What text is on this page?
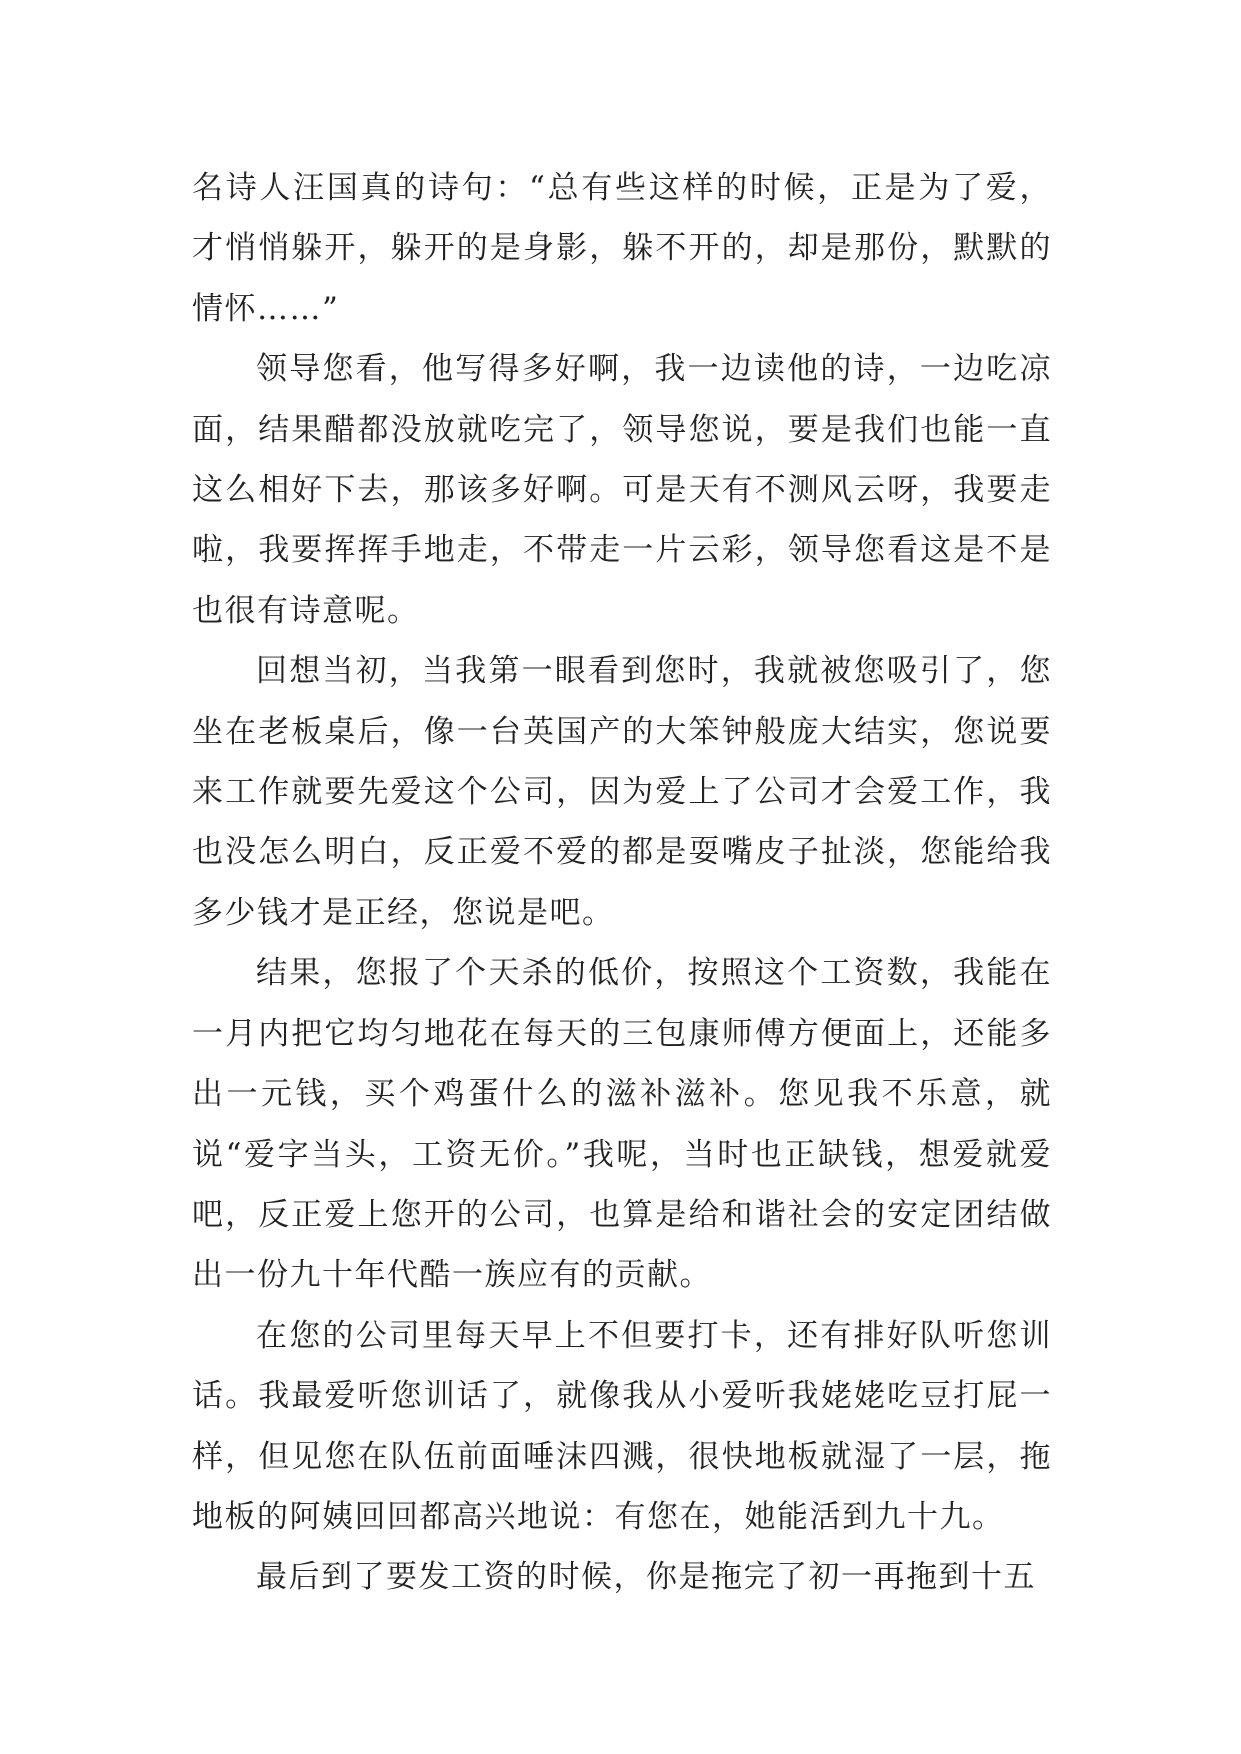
名诗人汪国真的诗句：“总有些这样的时候，正是为了爱，才悄悄躲开，躲开的是身影，躲不开的，却是那份，默默的情怀……”

领导您看，他写得多好啊，我一边读他的诗，一边吃凉面，结果醋都没放就吃完了，领导您说，要是我们也能一直这么相好下去，那该多好啊。可是天有不测风云呀，我要走啦，我要挥挥手地走，不带走一片云彩，领导您看这是不是也很有诗意呢。

回想当初，当我第一眼看到您时，我就被您吸引了，您坐在老板桌后，像一台英国产的大笨钟般庞大结实，您说要来工作就要先爱这个公司，因为爱上了公司才会爱工作，我也没怎么明白，反正爱不爱的都是耍嘴皮子扯淡，您能给我多少钱才是正经，您说是吧。

结果，您报了个天杀的低价，按照这个工资数，我能在一月内把它均匀地花在每天的三包康师傅方便面上，还能多出一元钱，买个鸡蛋什么的滋补滋补。您见我不乐意，就说“爱字当头，工资无价。”我呢，当时也正缺钱，想爱就爱吧，反正爱上您开的公司，也算是给和谐社会的安定团结做出一份九十年代酷一族应有的贡献。

在您的公司里每天早上不但要打卡，还有排好队听您训话。我最爱听您训话了，就像我从小爱听我姥姥吃豆打屁一样，但见您在队伍前面唾沫四溅，很快地板就湿了一层，拖地板的阿姨回回都高兴地说：有您在，她能活到九十九。

最后到了要发工资的时候，你是拖完了初一再拖到十五
